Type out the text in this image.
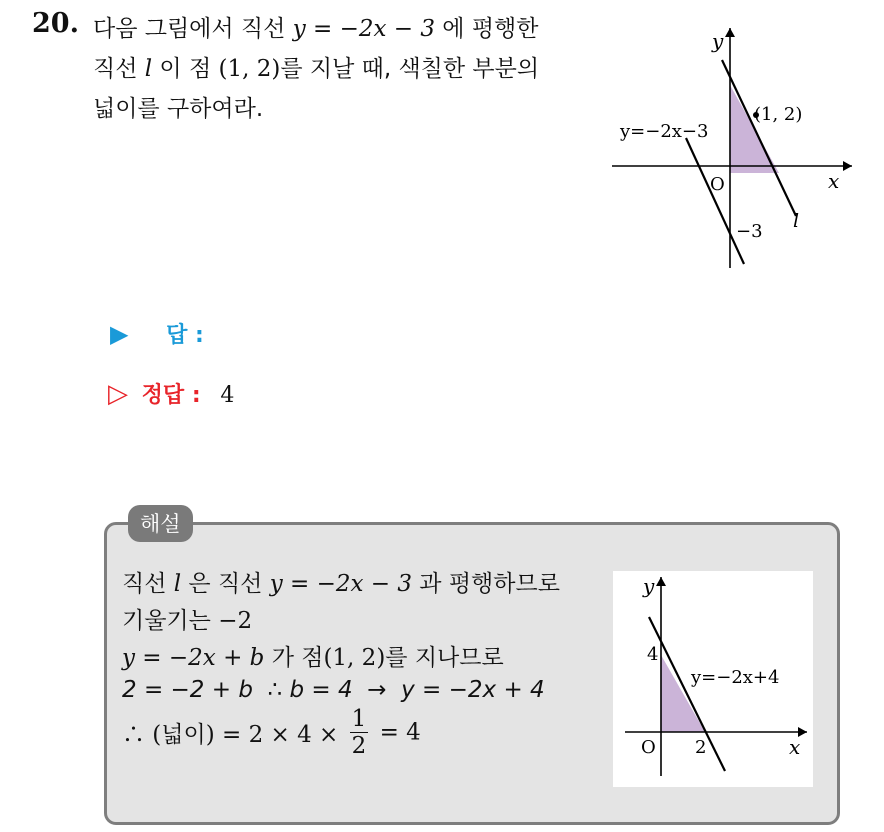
20. 다음 그림에서 직선 y = −2x − 3 에 평행한
직선 l 이 점 (1, 2)를 지날 때, 색칠한 부분의
넓이를 구하여라.
y
x
O
(1, 2)
y=−2x−3
−3 l
▶ 답 :
▷ 정답 : 4
해설
직선 l 은 직선 y = −2x − 3 과 평행하므로
기울기는 −2
y = −2x + b 가 점(1, 2)를 지나므로
2 = −2 + b  ∴ b = 4  →  y = −2x + 4
∴ (넓이) = $2 \times 4 \times \frac{1}{2} = 4$
y
x
O
4
2
y=−2x+4
